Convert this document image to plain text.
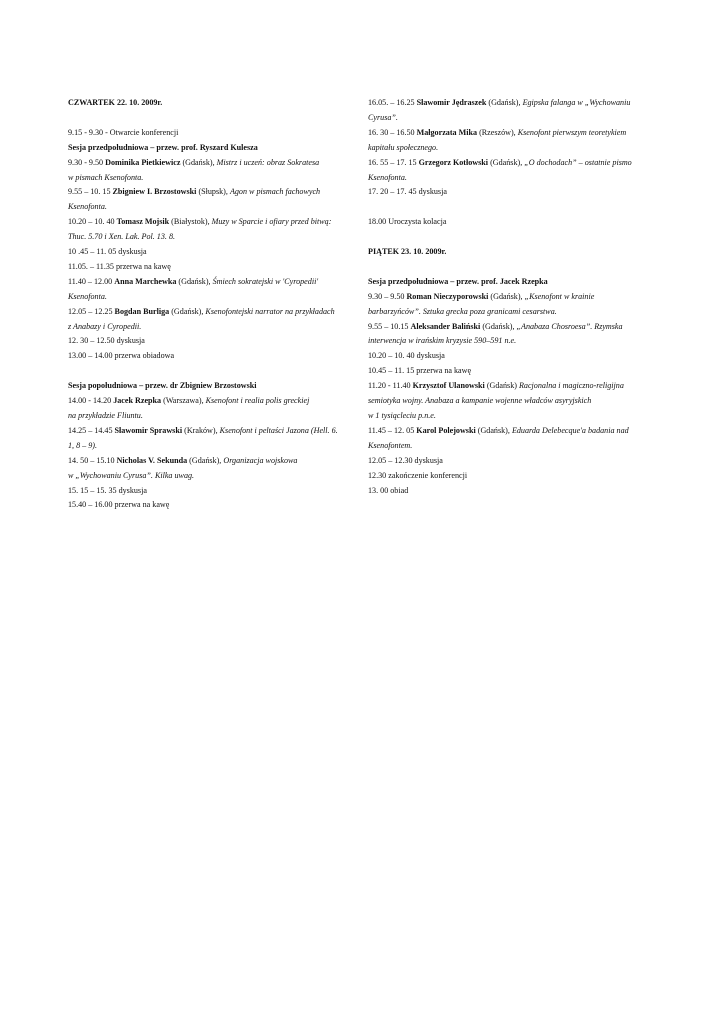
CZWARTEK 22. 10. 2009r.
9.15 - 9.30 - Otwarcie konferencji
Sesja przedpołudniowa – przew. prof. Ryszard Kulesza
9.30 - 9.50 Dominika Pietkiewicz (Gdańsk), Mistrz i uczeń: obraz Sokratesa
w pismach Ksenofonta.
9.55 – 10. 15 Zbigniew I. Brzostowski (Słupsk), Agon w pismach fachowych
Ksenofonta.
10.20 – 10. 40 Tomasz Mojsik (Białystok), Muzy w Sparcie i ofiary przed bitwą:
Thuc. 5.70 i Xen. Lak. Pol. 13. 8.
10 .45 – 11. 05 dyskusja
11.05. – 11.35 przerwa na kawę
11.40 – 12.00 Anna Marchewka (Gdańsk), Śmiech sokratejski w 'Cyropedii'
Ksenofonta.
12.05 – 12.25 Bogdan Burliga (Gdańsk), Ksenofontejski narrator na przykładach
z Anabazy i Cyropedii.
12. 30 – 12.50 dyskusja
13.00 – 14.00 przerwa obiadowa
Sesja popołudniowa – przew. dr Zbigniew Brzostowski
14.00 - 14.20 Jacek Rzepka (Warszawa), Ksenofont i realia polis greckiej
na przykładzie Fliuntu.
14.25 – 14.45 Sławomir Sprawski (Kraków), Ksenofont i peltaści Jazona (Hell. 6.
1, 8 – 9).
14. 50 – 15.10 Nicholas V. Sekunda (Gdańsk), Organizacja wojskowa
w „Wychowaniu Cyrusa”. Kilka uwag.
15. 15 – 15. 35 dyskusja
15.40 – 16.00 przerwa na kawę
16.05. – 16.25 Sławomir Jędraszek (Gdańsk), Egipska falanga w „Wychowaniu
Cyrusa”.
16. 30 – 16.50 Małgorzata Mika (Rzeszów), Ksenofont pierwszym teoretykiem
kapitału społecznego.
16. 55 – 17. 15 Grzegorz Kotłowski (Gdańsk), „O dochodach” – ostatnie pismo
Ksenofonta.
17. 20 – 17. 45 dyskusja
18.00 Uroczysta kolacja
PIĄTEK 23. 10. 2009r.
Sesja przedpołudniowa – przew. prof. Jacek Rzepka
9.30 – 9.50 Roman Nieczyporowski (Gdańsk), „Ksenofont w krainie
barbarzyńców”. Sztuka grecka poza granicami cesarstwa.
9.55 – 10.15 Aleksander Baliński (Gdańsk), „Anabaza Chosroesa”. Rzymska
interwencja w irańskim kryzysie 590–591 n.e.
10.20 – 10. 40 dyskusja
10.45 – 11. 15 przerwa na kawę
11.20 - 11.40 Krzysztof Ulanowski (Gdańsk) Racjonalna i magiczno-religijna
semiotyka wojny. Anabaza a kampanie wojenne władców asyryjskich
w 1 tysiącleciu p.n.e.
11.45 – 12. 05 Karol Polejowski (Gdańsk), Eduarda Delebecque'a badania nad
Ksenofontem.
12.05 – 12.30 dyskusja
12.30 zakończenie konferencji
13. 00 obiad
